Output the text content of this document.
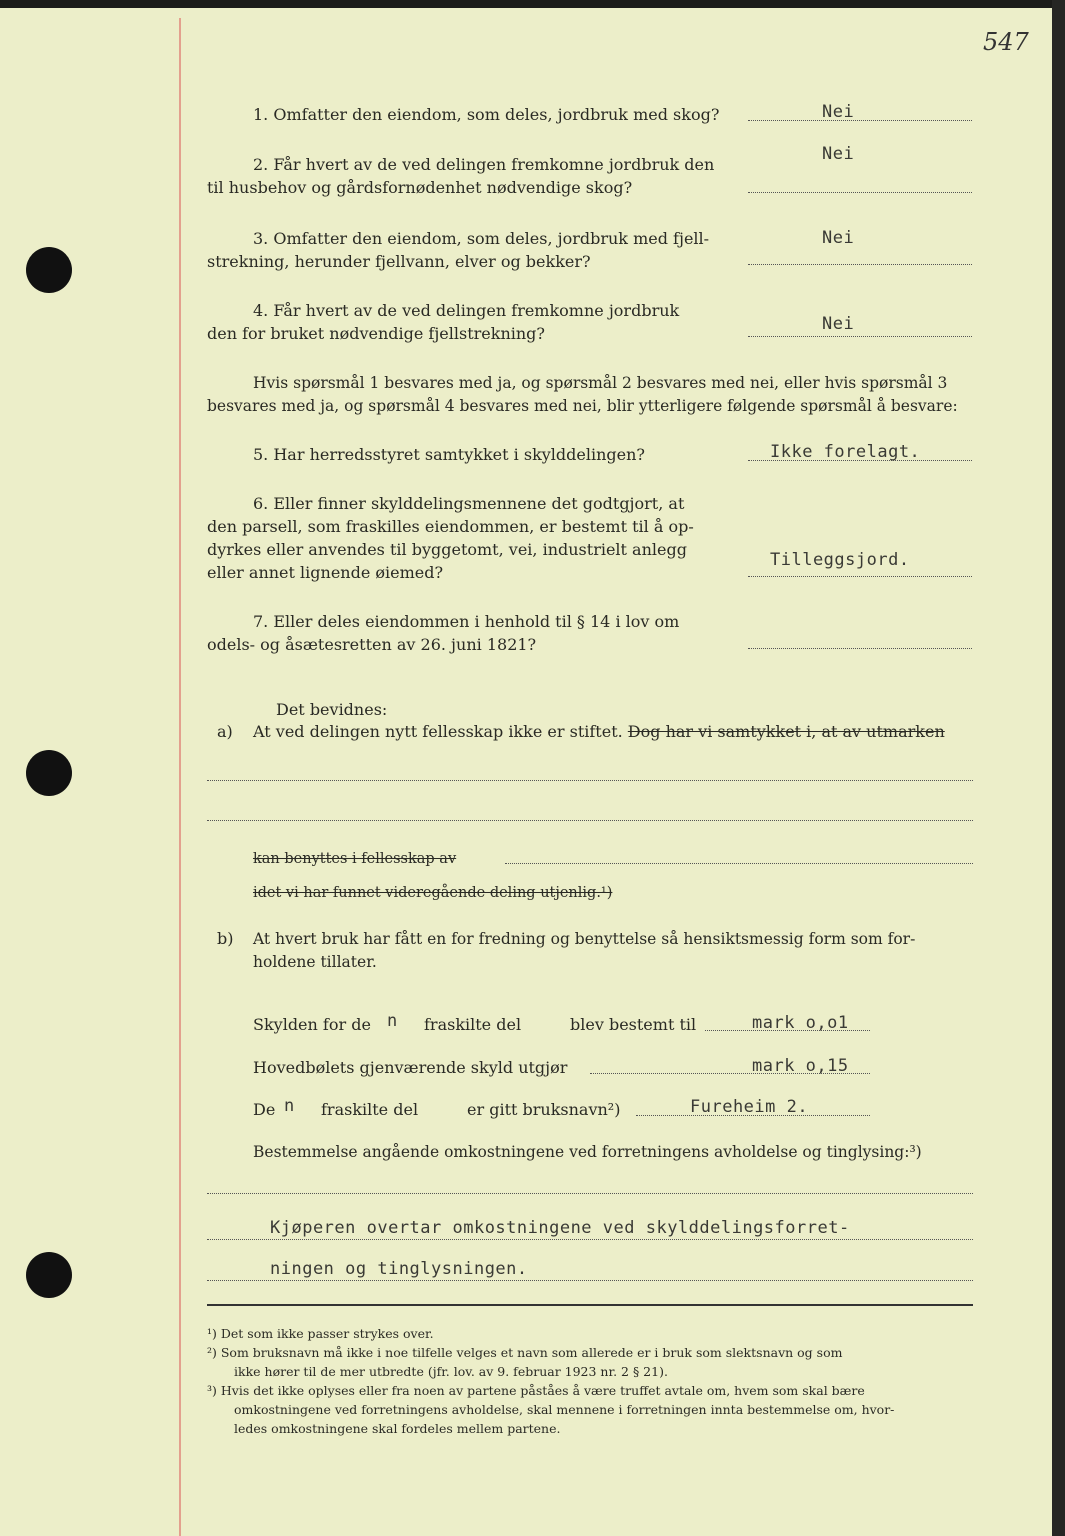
547
1. Omfatter den eiendom, som deles, jordbruk med skog?	Nei
2. Får hvert av de ved delingen fremkomne jordbruk den
til husbehov og gårdsfornødenhet nødvendige skog?
Nei
3. Omfatter den eiendom, som deles, jordbruk med fjell-
strekning, herunder fjellvann, elver og bekker?
Nei
4. Får hvert av de ved delingen fremkomne jordbruk
den for bruket nødvendige fjellstrekning?	Nei
Hvis spørsmål 1 besvares med ja, og spørsmål 2 besvares med nei, eller hvis spørsmål 3
besvares med ja, og spørsmål 4 besvares med nei, blir ytterligere følgende spørsmål å besvare:
5. Har herredsstyret samtykket i skylddelingen?	Ikke forelagt.
6. Eller finner skylddelingsmennene det godtgjort, at
den parsell, som fraskilles eiendommen, er bestemt til å op-
dyrkes eller anvendes til byggetomt, vei, industrielt anlegg
eller annet lignende øiemed?
Tilleggsjord.
7. Eller deles eiendommen i henhold til § 14 i lov om
odels- og åsætesretten av 26. juni 1821?
Det bevidnes:
a) At ved delingen nytt fellesskap ikke er stiftet. Dog har vi samtykket i, at av utmarken
kan benyttes i fellesskap av
idet vi har funnet videregående deling utjenlig.¹)
b) At hvert bruk har fått en for fredning og benyttelse så hensiktsmessig form som for-
holdene tillater.
Skylden for de n fraskilte del	blev bestemt til	mark o,o1
Hovedbølets gjenværende skyld utgjør	mark o,15
De n fraskilte del	er gitt bruksnavn²)	Fureheim 2.
Bestemmelse angående omkostningene ved forretningens avholdelse og tinglysing:³)
Kjøperen overtar omkostningene ved skylddelingsforret-
ningen og tinglysningen.
¹) Det som ikke passer strykes over.
²) Som bruksnavn må ikke i noe tilfelle velges et navn som allerede er i bruk som slektsnavn og som
ikke hører til de mer utbredte (jfr. lov. av 9. februar 1923 nr. 2 § 21).
³) Hvis det ikke oplyses eller fra noen av partene påståes å være truffet avtale om, hvem som skal bære
omkostningene ved forretningens avholdelse, skal mennene i forretningen innta bestemmelse om, hvor-
ledes omkostningene skal fordeles mellem partene.
